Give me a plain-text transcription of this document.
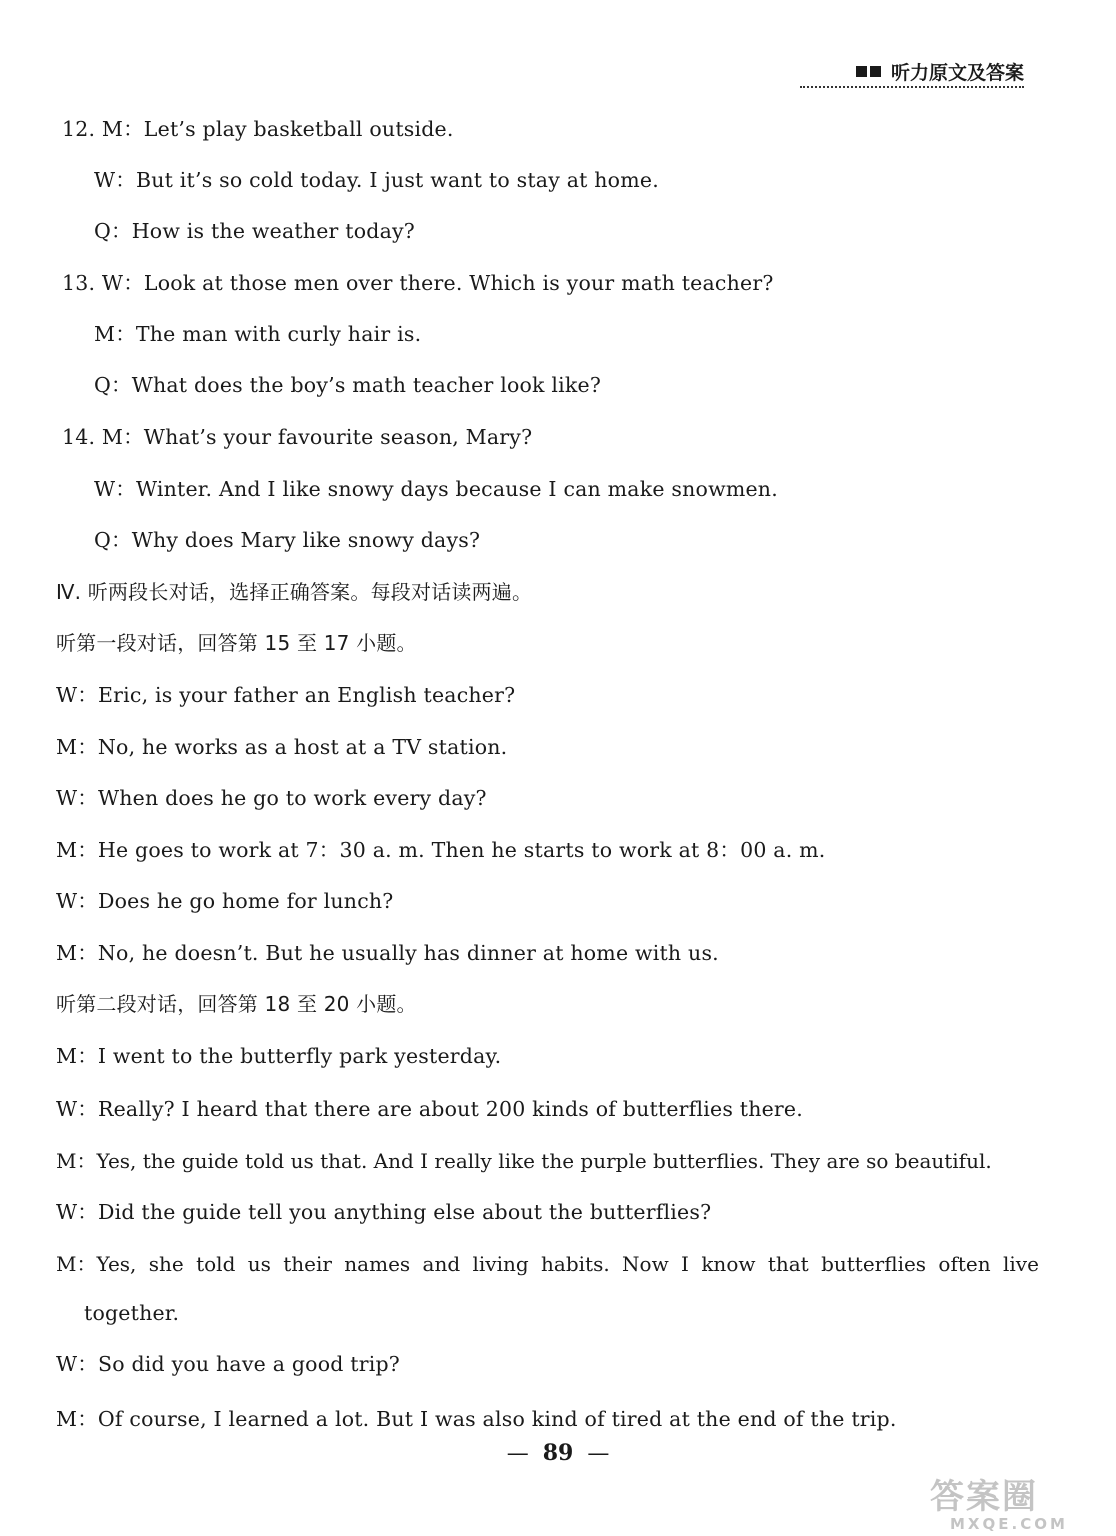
听力原文及答案
12. M：Let’s play basketball outside.
W：But it’s so cold today. I just want to stay at home.
Q：How is the weather today?
13. W：Look at those men over there. Which is your math teacher?
M：The man with curly hair is.
Q：What does the boy’s math teacher look like?
14. M：What’s your favourite season, Mary?
W：Winter. And I like snowy days because I can make snowmen.
Q：Why does Mary like snowy days?
Ⅳ. 听两段长对话，选择正确答案。每段对话读两遍。
听第一段对话，回答第 15 至 17 小题。
W：Eric, is your father an English teacher?
M：No, he works as a host at a TV station.
W：When does he go to work every day?
M：He goes to work at 7：30 a. m. Then he starts to work at 8：00 a. m.
W：Does he go home for lunch?
M：No, he doesn’t. But he usually has dinner at home with us.
听第二段对话，回答第 18 至 20 小题。
M：I went to the butterfly park yesterday.
W：Really? I heard that there are about 200 kinds of butterflies there.
M：Yes, the guide told us that. And I really like the purple butterflies. They are so beautiful.
W：Did the guide tell you anything else about the butterflies?
M：Yes, she told us their names and living habits. Now I know that butterflies often live
together.
W：So did you have a good trip?
M：Of course, I learned a lot. But I was also kind of tired at the end of the trip.
— 89 —
答案圈
MXQE.COM
